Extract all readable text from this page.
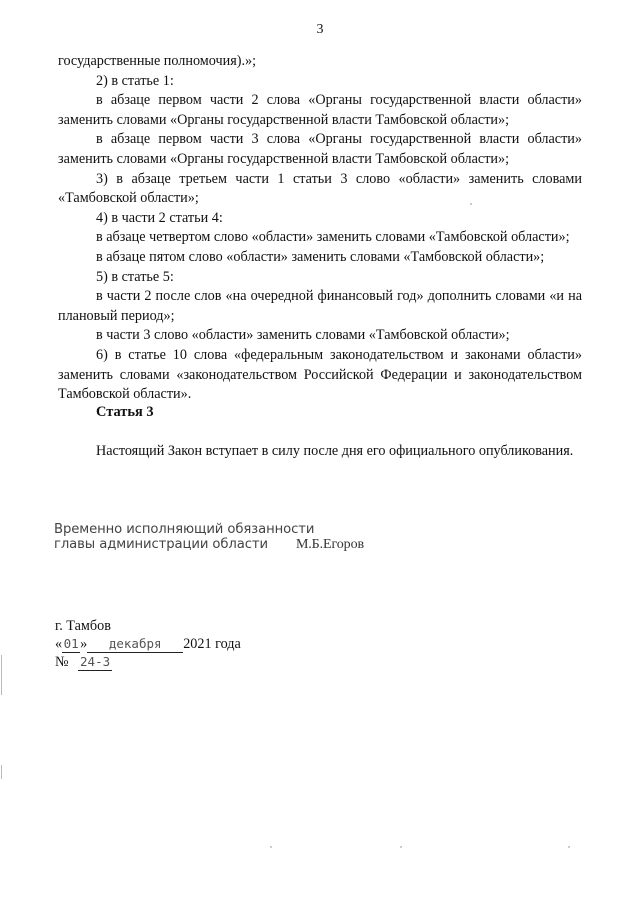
3

государственные полномочия).»;

2) в статье 1:

в абзаце первом части 2 слова «Органы государственной власти области» заменить словами «Органы государственной власти Тамбовской области»;

в абзаце первом части 3 слова «Органы государственной власти области» заменить словами «Органы государственной власти Тамбовской области»;

3) в абзаце третьем части 1 статьи 3 слово «области» заменить словами «Тамбовской области»;

4) в части 2 статьи 4:

в абзаце четвертом слово «области» заменить словами «Тамбовской области»;

в абзаце пятом слово «области» заменить словами «Тамбовской области»;

5) в статье 5:

в части 2 после слов «на очередной финансовый год» дополнить словами «и на плановый период»;

в части 3 слово «области» заменить словами «Тамбовской области»;

6) в статье 10 слова «федеральным законодательством и законами области» заменить словами «законодательством Российской Федерации и законодательством Тамбовской области».

Статья 3

Настоящий Закон вступает в силу после дня его официального опубликования.

Временно исполняющий обязанности
главы администрации области М.Б.Егоров
г. Тамбов
«01» декабря 2021 года
№ 24-З
